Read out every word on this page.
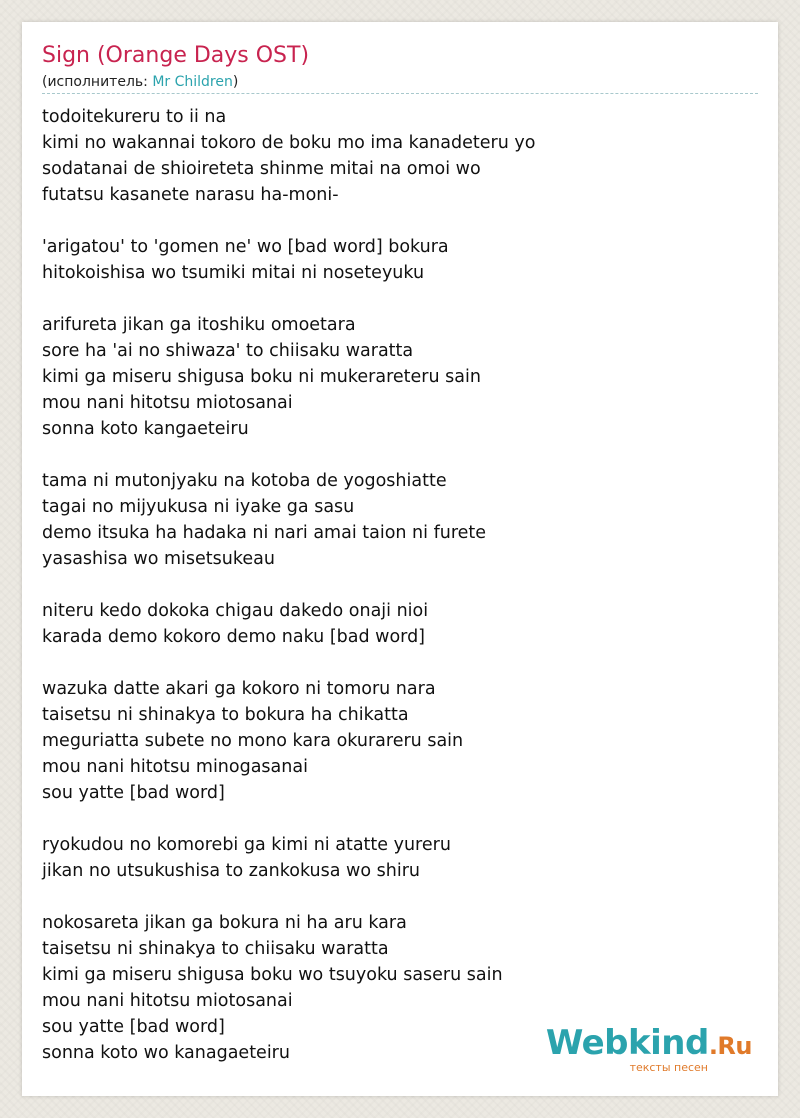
Sign (Orange Days OST)
(исполнитель: Mr Children)
todoitekureru to ii na
kimi no wakannai tokoro de boku mo ima kanadeteru yo
sodatanai de shioireteta shinme mitai na omoi wo
futatsu kasanete narasu ha-moni-
'arigatou' to 'gomen ne' wo [bad word] bokura
hitokoishisa wo tsumiki mitai ni noseteyuku
arifureta jikan ga itoshiku omoetara
sore ha 'ai no shiwaza' to chiisaku waratta
kimi ga miseru shigusa boku ni mukerareteru sain
mou nani hitotsu miotosanai
sonna koto kangaeteiru
tama ni mutonjyaku na kotoba de yogoshiatte
tagai no mijyukusa ni iyake ga sasu
demo itsuka ha hadaka ni nari amai taion ni furete
yasashisa wo misetsukeau
niteru kedo dokoka chigau dakedo onaji nioi
karada demo kokoro demo naku [bad word]
wazuka datte akari ga kokoro ni tomoru nara
taisetsu ni shinakya to bokura ha chikatta
meguriatta subete no mono kara okurareru sain
mou nani hitotsu minogasanai
sou yatte [bad word]
ryokudou no komorebi ga kimi ni atatte yureru
jikan no utsukushisa to zankokusa wo shiru
nokosareta jikan ga bokura ni ha aru kara
taisetsu ni shinakya to chiisaku waratta
kimi ga miseru shigusa boku wo tsuyoku saseru sain
mou nani hitotsu miotosanai
sou yatte [bad word]
sonna koto wo kanagaeteiru	Webkind.Ru
тексты песен
